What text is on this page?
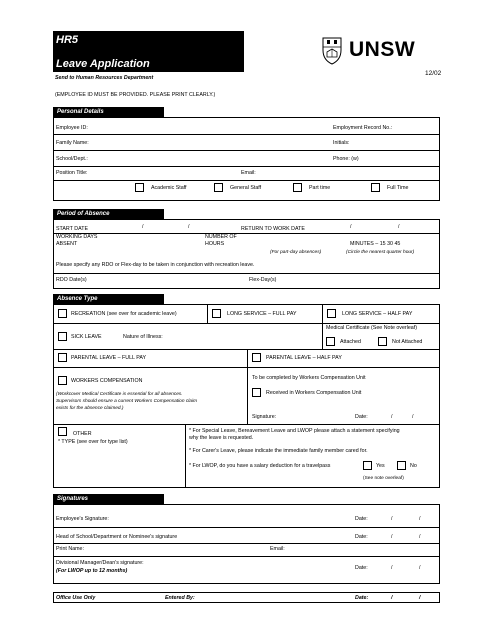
HR5
Leave Application
UNSW
Send to Human Resources Department
12/02
(EMPLOYEE ID MUST BE PROVIDED. PLEASE PRINT CLEARLY.)
Personal Details
Employee ID:	Employment Record No.:
Family Name:	Initials:
School/Dept.:	Phone: (w)
Position Title:	Email:
Academic Staff	General Staff	Part time	Full Time
Period of Absence
START DATE	/	/	RETURN TO WORK DATE	/	/
WORKING DAYS
ABSENT
NUMBER OF
HOURS	MINUTES – 15 30 45
(For part-day absences)	(Circle the nearest quarter hour)
Please specify any RDO or Flex-day to be taken in conjunction with recreation leave.
RDO Date(s)	Flex-Day(s)
Absence Type
RECREATION (see over for academic leave)	LONG SERVICE – FULL PAY	LONG SERVICE – HALF PAY
SICK LEAVE	Nature of Illness:
Medical Certificate (See Note overleaf)
Attached	Not Attached
PARENTAL LEAVE – FULL PAY	PARENTAL LEAVE – HALF PAY
WORKERS COMPENSATION
(Workcover Medical Certificate is essential for all absences.
Supervisors should ensure a current Workers Compensation claim
exists for the absence claimed.)
To be completed by Workers Compensation Unit
Received in Workers Compensation Unit
Signature:	Date:	/	/
OTHER
* TYPE (see over for type list)
* For Special Leave, Bereavement Leave and LWOP please attach a statement specifying
why the leave is requested.
* For Carer's Leave, please indicate the immediate family member cared for.
* For LWOP, do you have a salary deduction for a travelpass	Yes	No
(See note overleaf)
Signatures
Employee's Signature:	Date:	/	/
Head of School/Department or Nominee's signature	Date:	/	/
Print Name:	Email:
Divisional Manager/Dean's signature:
(For LWOP up to 12 months)	Date:	/	/
Office Use Only	Entered By:	Date:	/	/
